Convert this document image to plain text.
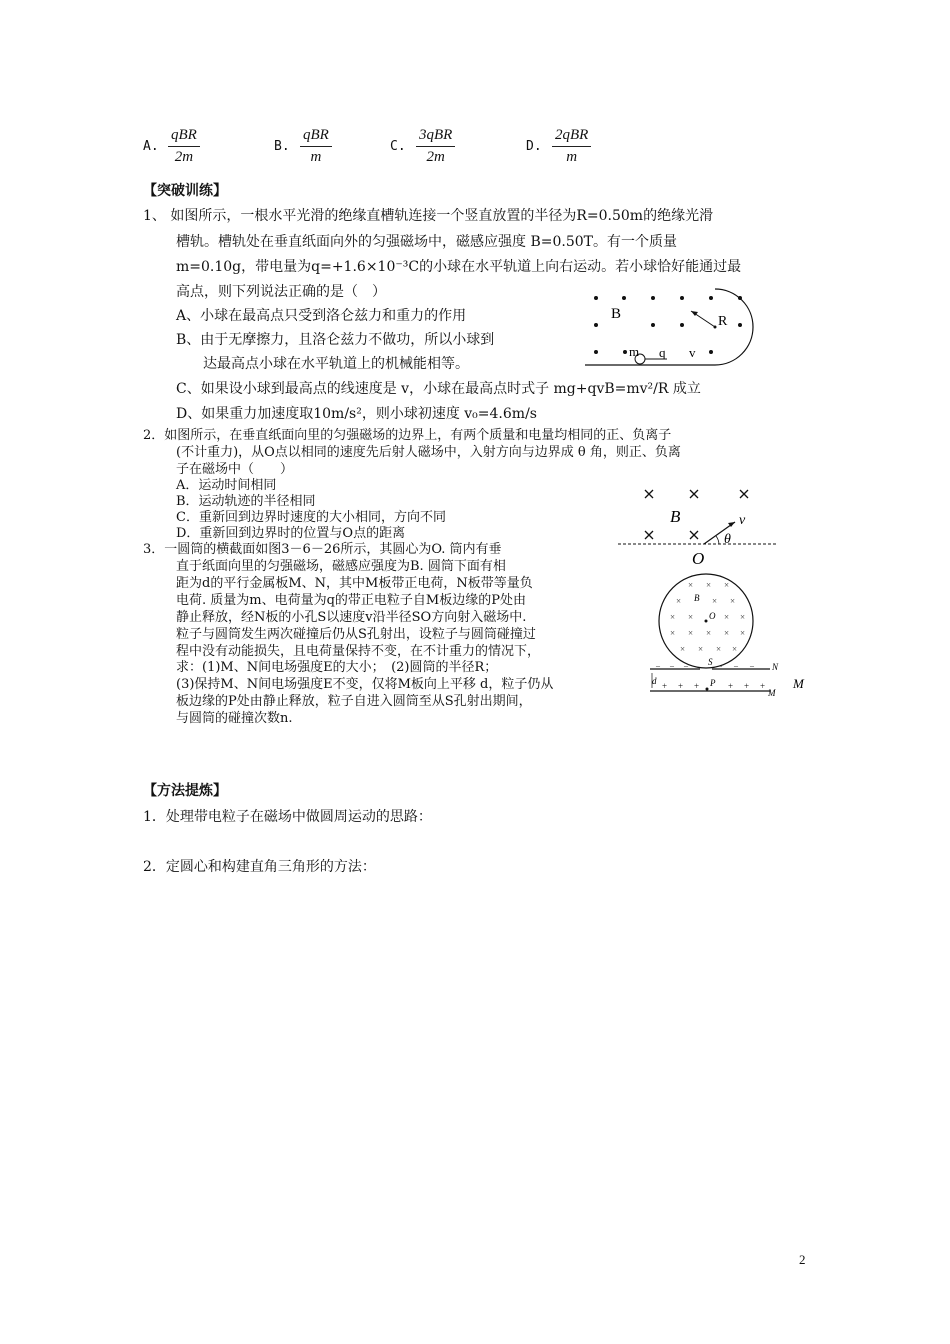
A.
qBR
2m
B.
qBR
m
C.
3qBR
2m
D.
2qBR
m
【突破训练】
1、 如图所示，一根水平光滑的绝缘直槽轨连接一个竖直放置的半径为R=0.50m的绝缘光滑
槽轨。槽轨处在垂直纸面向外的匀强磁场中，磁感应强度 B=0.50T。有一个质量
m=0.10g，带电量为q=+1.6×10⁻³C的小球在水平轨道上向右运动。若小球恰好能通过最
高点，则下列说法正确的是（　）
A、小球在最高点只受到洛仑兹力和重力的作用
B、由于无摩擦力，且洛仑兹力不做功，所以小球到
达最高点小球在水平轨道上的机械能相等。
C、如果设小球到最高点的线速度是 v，小球在最高点时式子 mg+qvB=mv²/R 成立
D、如果重力加速度取10m/s²，则小球初速度 v₀=4.6m/s
B	R
m q v
2．如图所示，在垂直纸面向里的匀强磁场的边界上，有两个质量和电量均相同的正、负离子
(不计重力)，从O点以相同的速度先后射人磁场中，入射方向与边界成 θ 角，则正、负离
子在磁场中（　　）
A．运动时间相同
B．运动轨迹的半径相同
C．重新回到边界时速度的大小相同，方向不同
D．重新回到边界时的位置与O点的距离
B	v
θ
O
3．一圆筒的横截面如图3－6－26所示，其圆心为O. 筒内有垂
直于纸面向里的匀强磁场，磁感应强度为B. 圆筒下面有相
距为d的平行金属板M、N，其中M板带正电荷，N板带等量负
电荷. 质量为m、电荷量为q的带正电粒子自M板边缘的P处由
静止释放，经N板的小孔S以速度v沿半径SO方向射入磁场中.
粒子与圆筒发生两次碰撞后仍从S孔射出，设粒子与圆筒碰撞过
程中没有动能损失，且电荷量保持不变，在不计重力的情况下，
求：(1)M、N间电场强度E的大小；　(2)圆筒的半径R；
(3)保持M、N间电场强度E不变，仅将M板向上平移 d，粒子仍从
板边缘的P处由静止释放，粒子自进入圆筒至从S孔射出期间，
与圆筒的碰撞次数n.
× × ×
×	× ×
× ×	× ×
× × × × ×
× × × ×
B
O
S
– – –	– – – N
d + + +	+ + +
P
M
M
【方法提炼】
1．处理带电粒子在磁场中做圆周运动的思路：
2．定圆心和构建直角三角形的方法：
2
